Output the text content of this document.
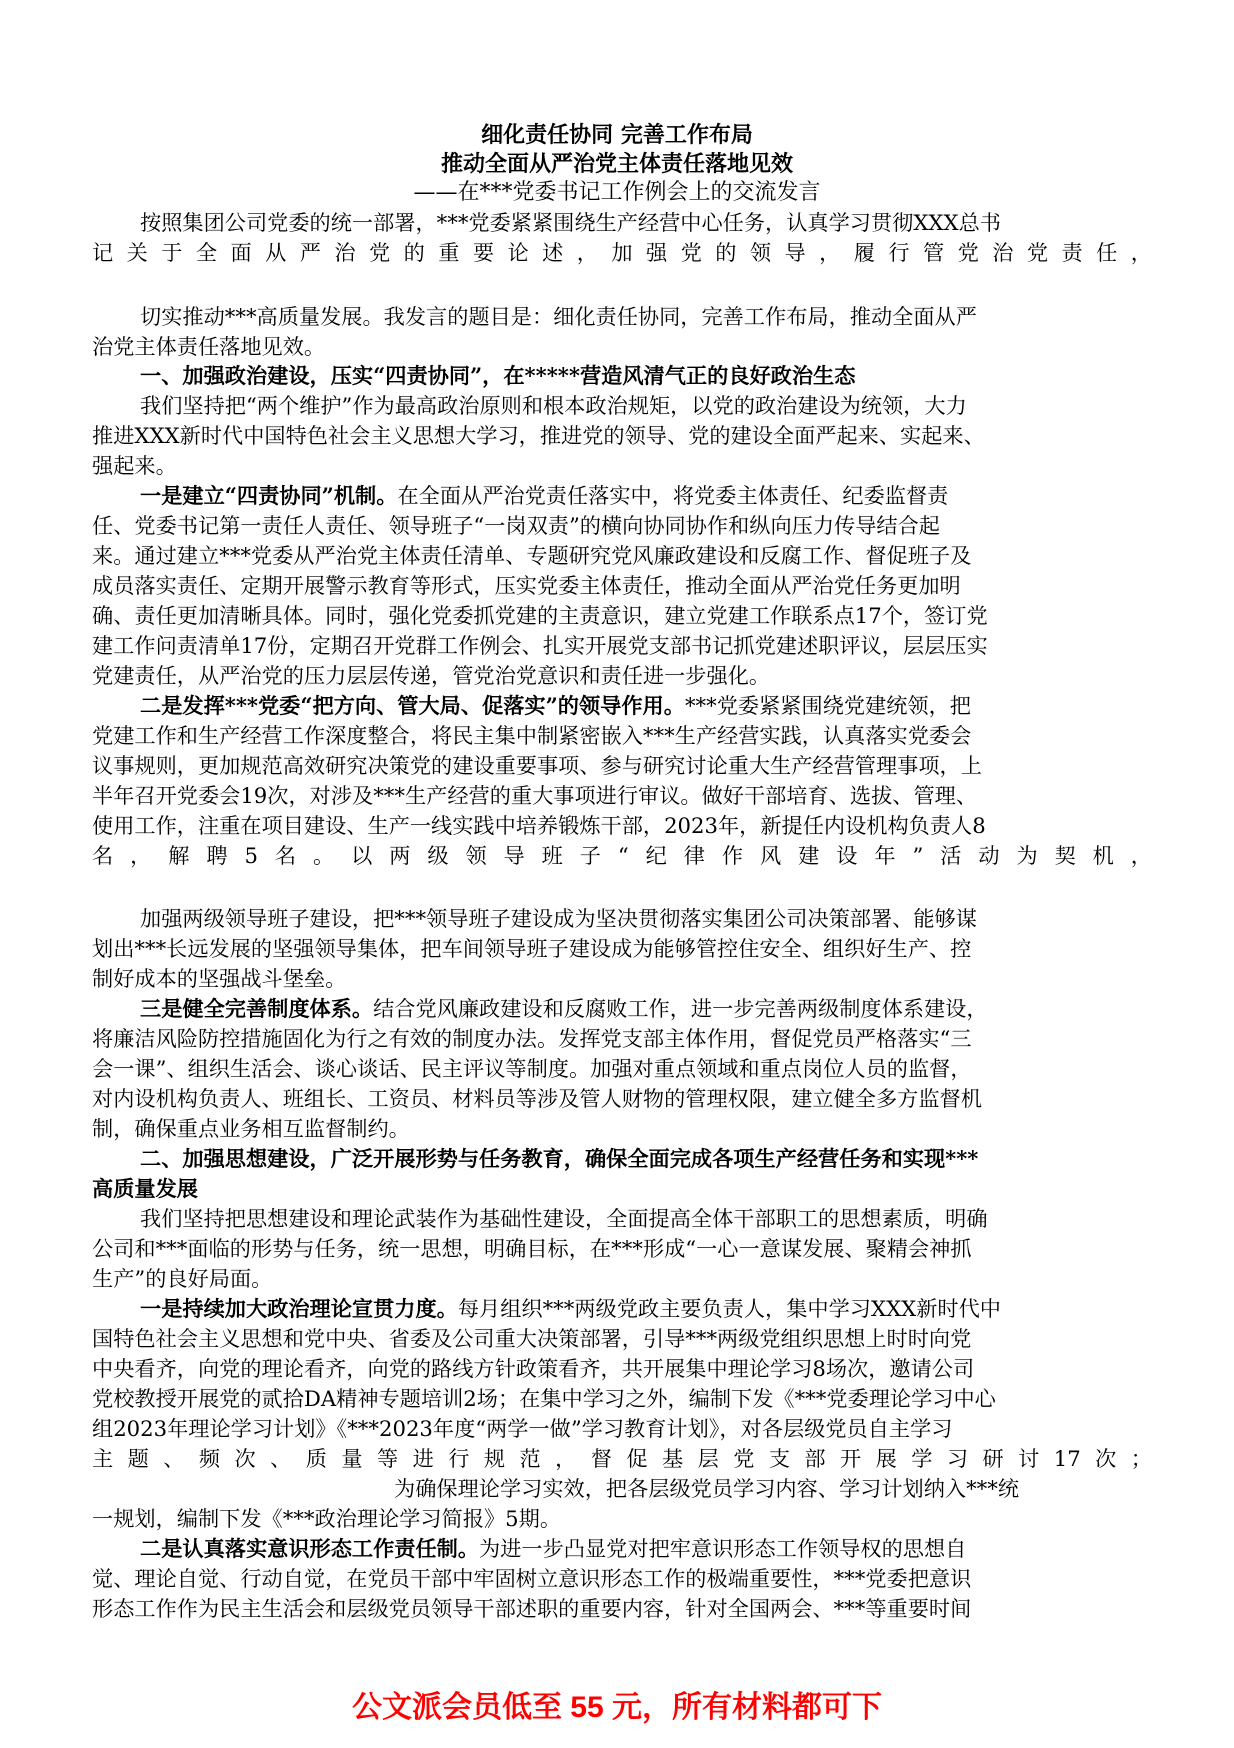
细化责任协同 完善工作布局
推动全面从严治党主体责任落地见效
——在***党委书记工作例会上的交流发言
按照集团公司党委的统一部署，***党委紧紧围绕生产经营中心任务，认真学习贯彻XXX总书
记关于全面从严治党的重要论述，加强党的领导，履行管党治党责任，
切实推动***高质量发展。我发言的题目是：细化责任协同，完善工作布局，推动全面从严
治党主体责任落地见效。
一、加强政治建设，压实“四责协同”，在*****营造风清气正的良好政治生态
我们坚持把“两个维护”作为最高政治原则和根本政治规矩，以党的政治建设为统领，大力
推进XXX新时代中国特色社会主义思想大学习，推进党的领导、党的建设全面严起来、实起来、
强起来。
一是建立“四责协同”机制。在全面从严治党责任落实中，将党委主体责任、纪委监督责
任、党委书记第一责任人责任、领导班子“一岗双责”的横向协同协作和纵向压力传导结合起
来。通过建立***党委从严治党主体责任清单、专题研究党风廉政建设和反腐工作、督促班子及
成员落实责任、定期开展警示教育等形式，压实党委主体责任，推动全面从严治党任务更加明
确、责任更加清晰具体。同时，强化党委抓党建的主责意识，建立党建工作联系点17个，签订党
建工作问责清单17份，定期召开党群工作例会、扎实开展党支部书记抓党建述职评议，层层压实
党建责任，从严治党的压力层层传递，管党治党意识和责任进一步强化。
二是发挥***党委“把方向、管大局、促落实”的领导作用。***党委紧紧围绕党建统领，把
党建工作和生产经营工作深度整合，将民主集中制紧密嵌入***生产经营实践，认真落实党委会
议事规则，更加规范高效研究决策党的建设重要事项、参与研究讨论重大生产经营管理事项，上
半年召开党委会19次，对涉及***生产经营的重大事项进行审议。做好干部培育、选拔、管理、
使用工作，注重在项目建设、生产一线实践中培养锻炼干部，2023年，新提任内设机构负责人8
名，解聘5名。以两级领导班子“纪律作风建设年”活动为契机，
加强两级领导班子建设，把***领导班子建设成为坚决贯彻落实集团公司决策部署、能够谋
划出***长远发展的坚强领导集体，把车间领导班子建设成为能够管控住安全、组织好生产、控
制好成本的坚强战斗堡垒。
三是健全完善制度体系。结合党风廉政建设和反腐败工作，进一步完善两级制度体系建设，
将廉洁风险防控措施固化为行之有效的制度办法。发挥党支部主体作用，督促党员严格落实“三
会一课”、组织生活会、谈心谈话、民主评议等制度。加强对重点领域和重点岗位人员的监督，
对内设机构负责人、班组长、工资员、材料员等涉及管人财物的管理权限，建立健全多方监督机
制，确保重点业务相互监督制约。
二、加强思想建设，广泛开展形势与任务教育，确保全面完成各项生产经营任务和实现***
高质量发展
我们坚持把思想建设和理论武装作为基础性建设，全面提高全体干部职工的思想素质，明确
公司和***面临的形势与任务，统一思想，明确目标，在***形成“一心一意谋发展、聚精会神抓
生产”的良好局面。
一是持续加大政治理论宣贯力度。每月组织***两级党政主要负责人，集中学习XXX新时代中
国特色社会主义思想和党中央、省委及公司重大决策部署，引导***两级党组织思想上时时向党
中央看齐，向党的理论看齐，向党的路线方针政策看齐，共开展集中理论学习8场次，邀请公司
党校教授开展党的贰拾DA精神专题培训2场；在集中学习之外，编制下发《***党委理论学习中心
组2023年理论学习计划》《***2023年度“两学一做”学习教育计划》，对各层级党员自主学习
主题、频次、质量等进行规范，督促基层党支部开展学习研讨17次；
为确保理论学习实效，把各层级党员学习内容、学习计划纳入***统
一规划，编制下发《***政治理论学习简报》5期。
二是认真落实意识形态工作责任制。为进一步凸显党对把牢意识形态工作领导权的思想自
觉、理论自觉、行动自觉，在党员干部中牢固树立意识形态工作的极端重要性，***党委把意识
形态工作作为民主生活会和层级党员领导干部述职的重要内容，针对全国两会、***等重要时间
公文派会员低至 55 元，所有材料都可下
